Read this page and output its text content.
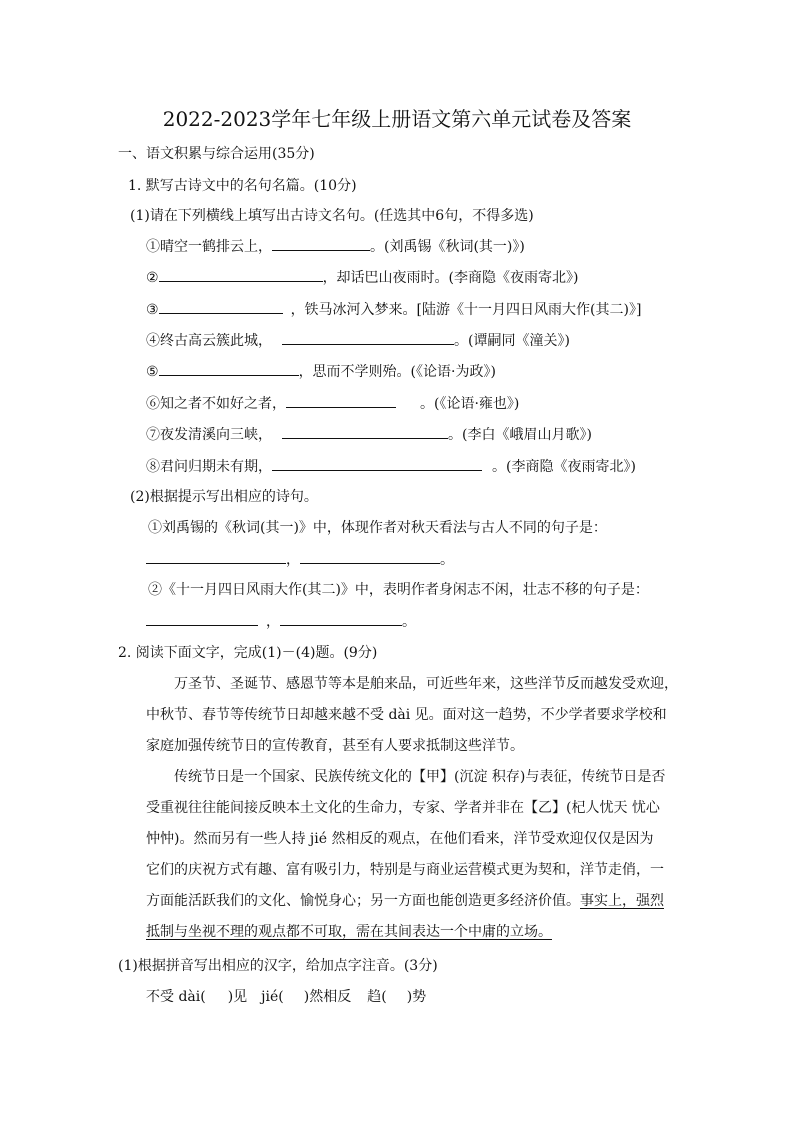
2022-2023学年七年级上册语文第六单元试卷及答案
一、语文积累与综合运用(35分)
1. 默写古诗文中的名句名篇。(10分)
(1)请在下列横线上填写出古诗文名句。(任选其中6句，不得多选)
①晴空一鹤排云上，	。(刘禹锡《秋词(其一)》)
②	，却话巴山夜雨时。(李商隐《夜雨寄北》)
③	，铁马冰河入梦来。[陆游《十一月四日风雨大作(其二)》]
④终古高云簇此城，	。(谭嗣同《潼关》)
⑤	，思而不学则殆。(《论语·为政》)
⑥知之者不如好之者，	。(《论语·雍也》)
⑦夜发清溪向三峡，	。(李白《峨眉山月歌》)
⑧君问归期未有期，	。(李商隐《夜雨寄北》)
(2)根据提示写出相应的诗句。
①刘禹锡的《秋词(其一)》中，体现作者对秋天看法与古人不同的句子是：
，	。
②《十一月四日风雨大作(其二)》中，表明作者身闲志不闲，壮志不移的句子是：
，	。
2. 阅读下面文字，完成(1)－(4)题。(9分)
万圣节、圣诞节、感恩节等本是舶来品，可近些年来，这些洋节反而越发受欢迎，
中秋节、春节等传统节日却越来越不受 dài 见。面对这一趋势，不少学者要求学校和
家庭加强传统节日的宣传教育，甚至有人要求抵制这些洋节。
传统节日是一个国家、民族传统文化的【甲】(沉淀 积存)与表征，传统节日是否
受重视往往能间接反映本土文化的生命力，专家、学者并非在【乙】(杞人忧天 忧心
忡忡)。然而另有一些人持 jié 然相反的观点，在他们看来，洋节受欢迎仅仅是因为
它们的庆祝方式有趣、富有吸引力，特别是与商业运营模式更为契和，洋节走俏，一
方面能活跃我们的文化、愉悦身心；另一方面也能创造更多经济价值。事实上，强烈
抵制与坐视不理的观点都不可取，需在其间表达一个中庸的立场。
(1)根据拼音写出相应的汉字，给加点字注音。(3分)
不受 dài( )见 jié( )然相反 趋( )势
